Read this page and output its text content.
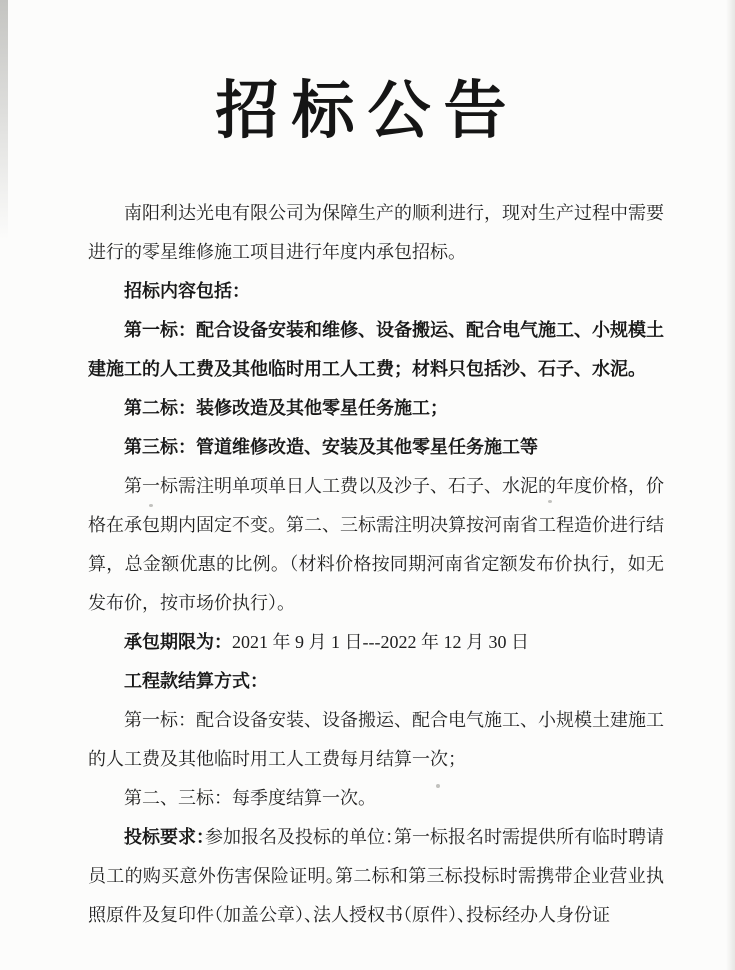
招标公告

南阳利达光电有限公司为保障生产的顺利进行，现对生产过程中需要进行的零星维修施工项目进行年度内承包招标。

招标内容包括：

第一标：配合设备安装和维修、设备搬运、配合电气施工、小规模土建施工的人工费及其他临时用工人工费；材料只包括沙、石子、水泥。

第二标：装修改造及其他零星任务施工；

第三标：管道维修改造、安装及其他零星任务施工等

第一标需注明单项单日人工费以及沙子、石子、水泥的年度价格，价格在承包期内固定不变。第二、三标需注明决算按河南省工程造价进行结算，总金额优惠的比例。（材料价格按同期河南省定额发布价执行，如无发布价，按市场价执行）。

承包期限为：2021 年 9 月 1 日---2022 年 12 月 30 日

工程款结算方式：

第一标：配合设备安装、设备搬运、配合电气施工、小规模土建施工的人工费及其他临时用工人工费每月结算一次；

第二、三标：每季度结算一次。

投标要求：参加报名及投标的单位：第一标报名时需提供所有临时聘请员工的购买意外伤害保险证明。第二标和第三标投标时需携带企业营业执照原件及复印件（加盖公章）、法人授权书（原件）、投标经办人身份证
